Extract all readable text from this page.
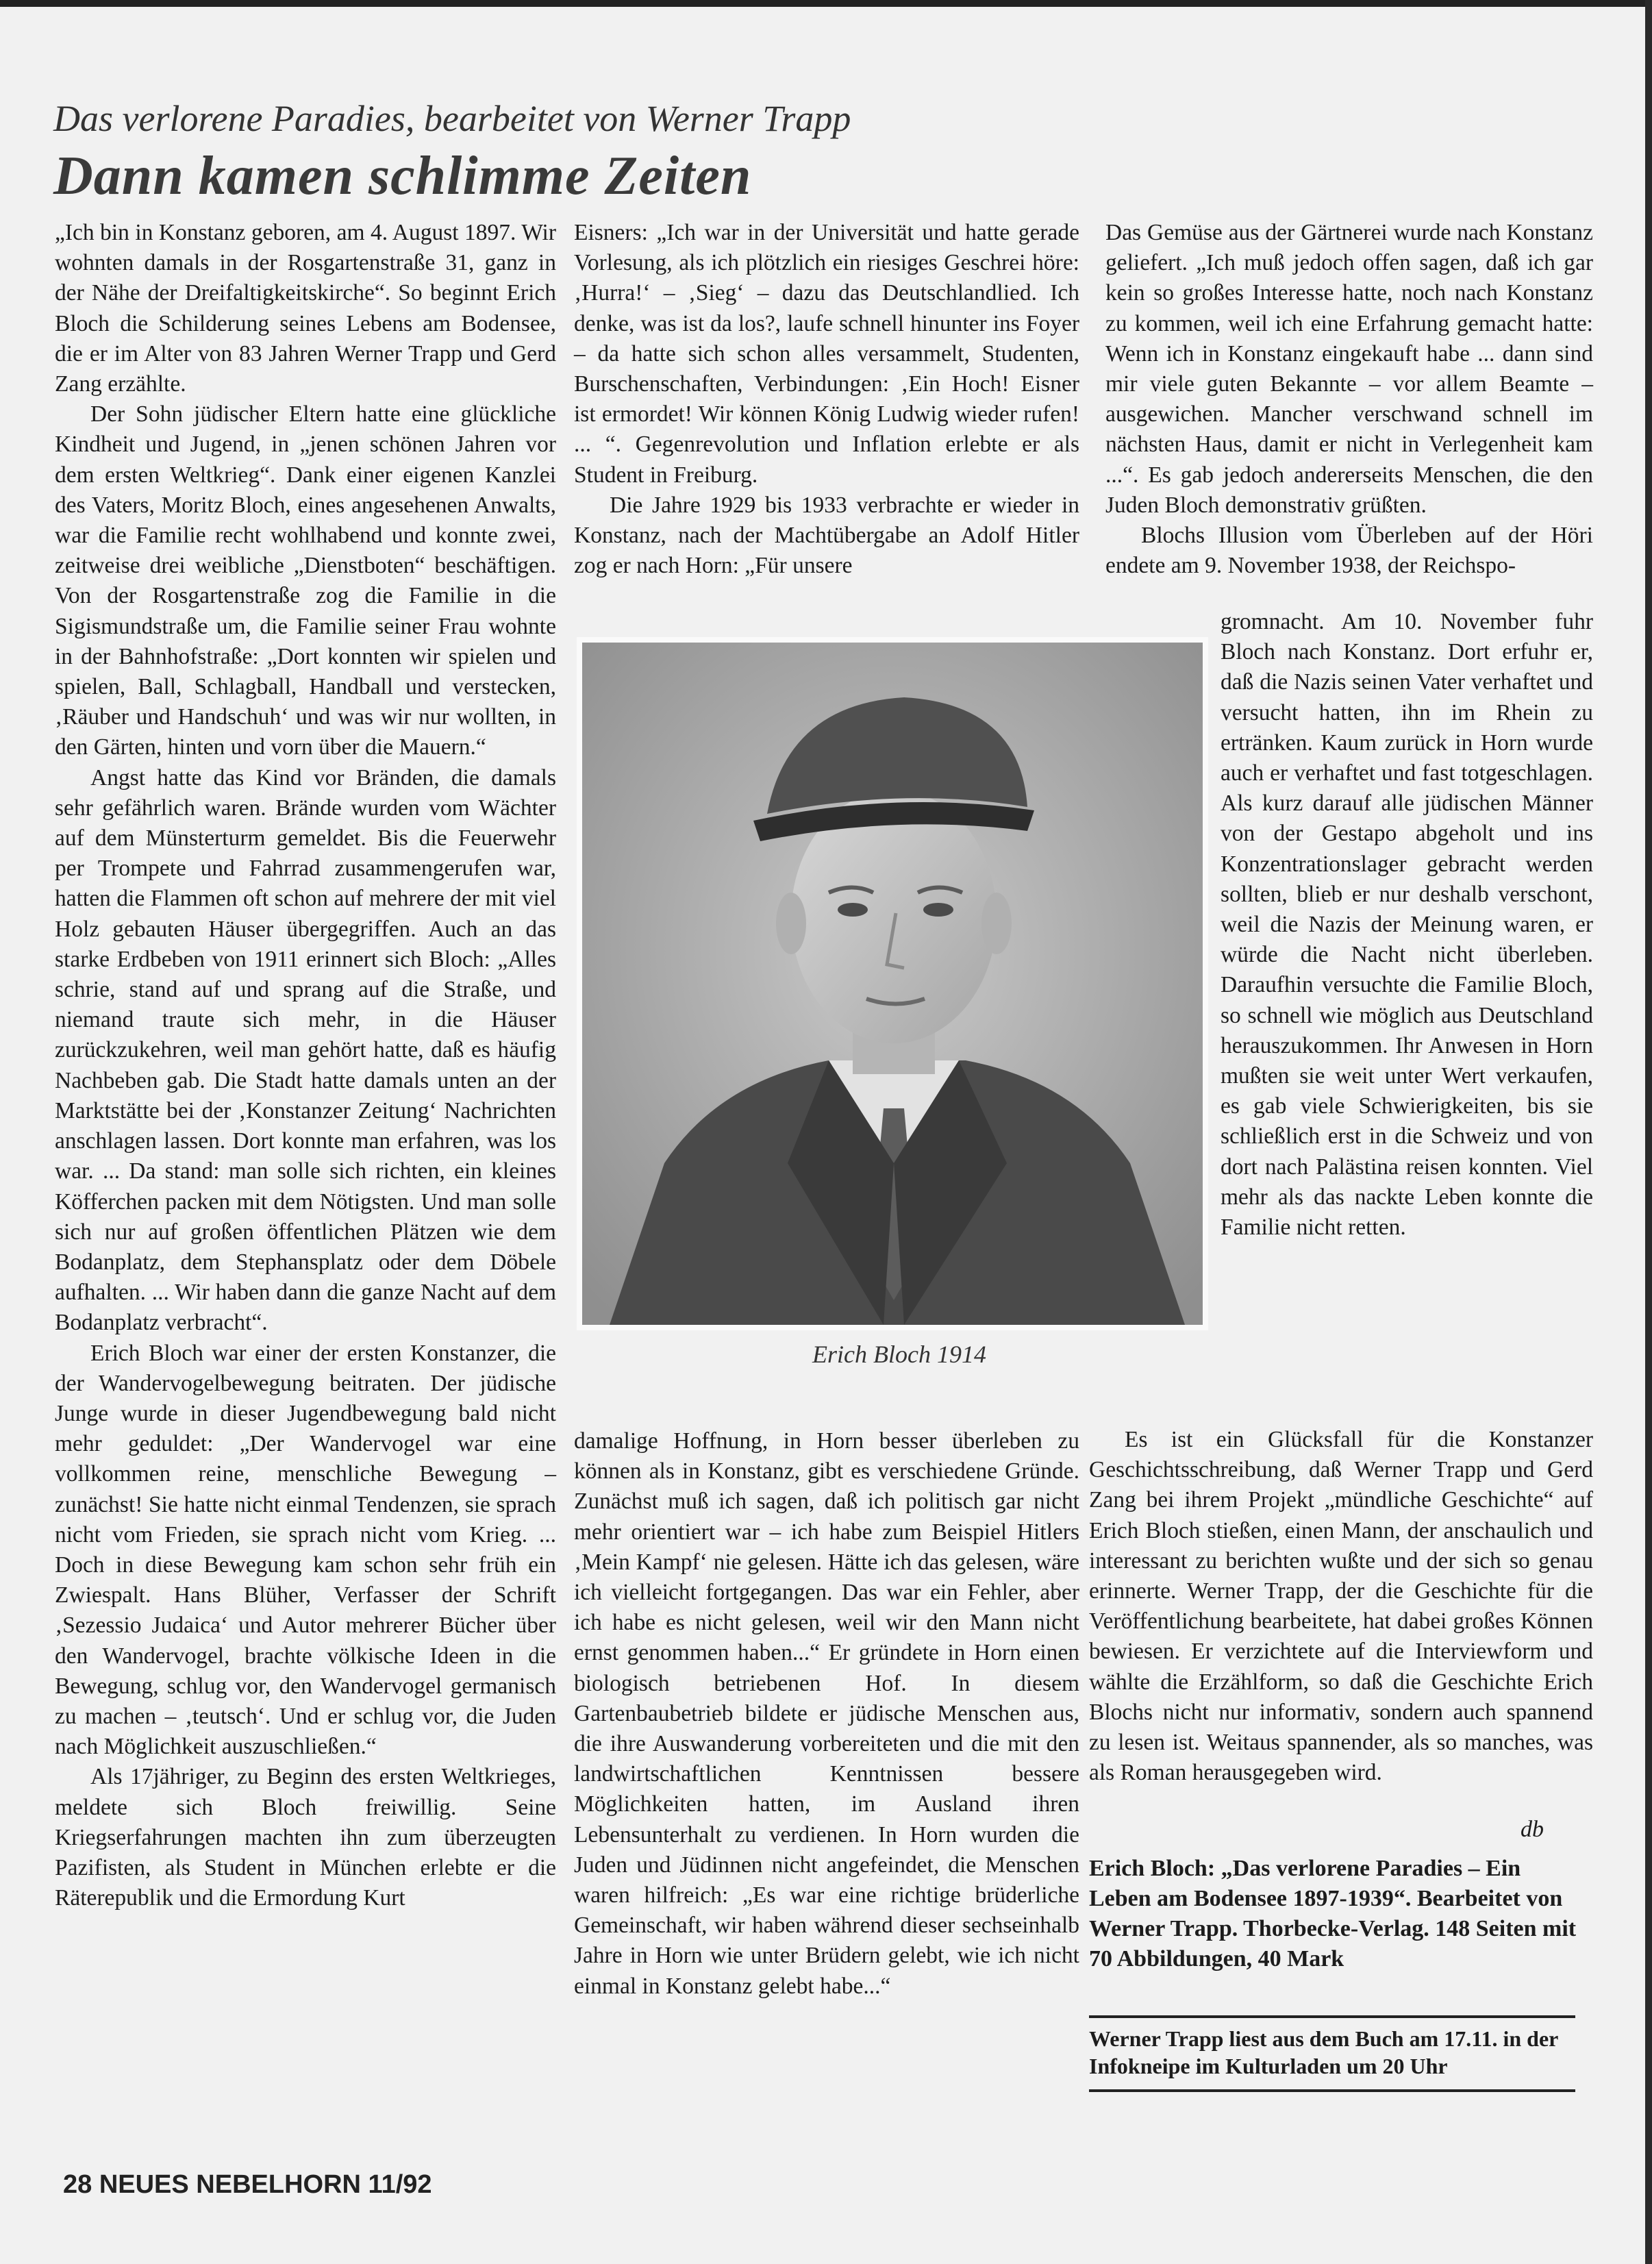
Das verlorene Paradies, bearbeitet von Werner Trapp
Dann kamen schlimme Zeiten

„Ich bin in Konstanz geboren, am 4. August 1897. Wir wohnten damals in der Rosgartenstraße 31, ganz in der Nähe der Dreifaltigkeitskirche“. So beginnt Erich Bloch die Schilderung seines Lebens am Bodensee, die er im Alter von 83 Jahren Werner Trapp und Gerd Zang erzählte.

Der Sohn jüdischer Eltern hatte eine glückliche Kindheit und Jugend, in „jenen schönen Jahren vor dem ersten Weltkrieg“. Dank einer eigenen Kanzlei des Vaters, Moritz Bloch, eines angesehenen Anwalts, war die Familie recht wohlhabend und konnte zwei, zeitweise drei weibliche „Dienstboten“ beschäftigen. Von der Rosgartenstraße zog die Familie in die Sigismundstraße um, die Familie seiner Frau wohnte in der Bahnhofstraße: „Dort konnten wir spielen und spielen, Ball, Schlagball, Handball und verstecken, ‚Räuber und Handschuh‘ und was wir nur wollten, in den Gärten, hinten und vorn über die Mauern.“

Angst hatte das Kind vor Bränden, die damals sehr gefährlich waren. Brände wurden vom Wächter auf dem Münsterturm gemeldet. Bis die Feuerwehr per Trompete und Fahrrad zusammengerufen war, hatten die Flammen oft schon auf mehrere der mit viel Holz gebauten Häuser übergegriffen. Auch an das starke Erdbeben von 1911 erinnert sich Bloch: „Alles schrie, stand auf und sprang auf die Straße, und niemand traute sich mehr, in die Häuser zurückzukehren, weil man gehört hatte, daß es häufig Nachbeben gab. Die Stadt hatte damals unten an der Marktstätte bei der ‚Konstanzer Zeitung‘ Nachrichten anschlagen lassen. Dort konnte man erfahren, was los war. ... Da stand: man solle sich richten, ein kleines Köfferchen packen mit dem Nötigsten. Und man solle sich nur auf großen öffentlichen Plätzen wie dem Bodanplatz, dem Stephansplatz oder dem Döbele aufhalten. ... Wir haben dann die ganze Nacht auf dem Bodanplatz verbracht“.

Erich Bloch war einer der ersten Konstanzer, die der Wandervogelbewegung beitraten. Der jüdische Junge wurde in dieser Jugendbewegung bald nicht mehr geduldet: „Der Wandervogel war eine vollkommen reine, menschliche Bewegung – zunächst! Sie hatte nicht einmal Tendenzen, sie sprach nicht vom Frieden, sie sprach nicht vom Krieg. ... Doch in diese Bewegung kam schon sehr früh ein Zwiespalt. Hans Blüher, Verfasser der Schrift ‚Sezessio Judaica‘ und Autor mehrerer Bücher über den Wandervogel, brachte völkische Ideen in die Bewegung, schlug vor, den Wandervogel germanisch zu machen – ‚teutsch‘. Und er schlug vor, die Juden nach Möglichkeit auszuschließen.“

Als 17jähriger, zu Beginn des ersten Weltkrieges, meldete sich Bloch freiwillig. Seine Kriegserfahrungen machten ihn zum überzeugten Pazifisten, als Student in München erlebte er die Räterepublik und die Ermordung Kurt

Eisners: „Ich war in der Universität und hatte gerade Vorlesung, als ich plötzlich ein riesiges Geschrei höre: ‚Hurra!‘ – ‚Sieg‘ – dazu das Deutschlandlied. Ich denke, was ist da los?, laufe schnell hinunter ins Foyer – da hatte sich schon alles versammelt, Studenten, Burschenschaften, Verbindungen: ‚Ein Hoch! Eisner ist ermordet! Wir können König Ludwig wieder rufen! ... “. Gegenrevolution und Inflation erlebte er als Student in Freiburg.

Die Jahre 1929 bis 1933 verbrachte er wieder in Konstanz, nach der Machtübergabe an Adolf Hitler zog er nach Horn: „Für unsere

Erich Bloch 1914

damalige Hoffnung, in Horn besser überleben zu können als in Konstanz, gibt es verschiedene Gründe. Zunächst muß ich sagen, daß ich politisch gar nicht mehr orientiert war – ich habe zum Beispiel Hitlers ‚Mein Kampf‘ nie gelesen. Hätte ich das gelesen, wäre ich vielleicht fortgegangen. Das war ein Fehler, aber ich habe es nicht gelesen, weil wir den Mann nicht ernst genommen haben...“ Er gründete in Horn einen biologisch betriebenen Hof. In diesem Gartenbaubetrieb bildete er jüdische Menschen aus, die ihre Auswanderung vorbereiteten und die mit den landwirtschaftlichen Kenntnissen bessere Möglichkeiten hatten, im Ausland ihren Lebensunterhalt zu verdienen. In Horn wurden die Juden und Jüdinnen nicht angefeindet, die Menschen waren hilfreich: „Es war eine richtige brüderliche Gemeinschaft, wir haben während dieser sechseinhalb Jahre in Horn wie unter Brüdern gelebt, wie ich nicht einmal in Konstanz gelebt habe...“

Das Gemüse aus der Gärtnerei wurde nach Konstanz geliefert. „Ich muß jedoch offen sagen, daß ich gar kein so großes Interesse hatte, noch nach Konstanz zu kommen, weil ich eine Erfahrung gemacht hatte: Wenn ich in Konstanz eingekauft habe ... dann sind mir viele guten Bekannte – vor allem Beamte – ausgewichen. Mancher verschwand schnell im nächsten Haus, damit er nicht in Verlegenheit kam ...“. Es gab jedoch andererseits Menschen, die den Juden Bloch demonstrativ grüßten.

Blochs Illusion vom Überleben auf der Höri endete am 9. November 1938, der Reichspo-

gromnacht. Am 10. November fuhr Bloch nach Konstanz. Dort erfuhr er, daß die Nazis seinen Vater verhaftet und versucht hatten, ihn im Rhein zu ertränken. Kaum zurück in Horn wurde auch er verhaftet und fast totgeschlagen. Als kurz darauf alle jüdischen Männer von der Gestapo abgeholt und ins Konzentrationslager gebracht werden sollten, blieb er nur deshalb verschont, weil die Nazis der Meinung waren, er würde die Nacht nicht überleben. Daraufhin versuchte die Familie Bloch, so schnell wie möglich aus Deutschland herauszukommen. Ihr Anwesen in Horn mußten sie weit unter Wert verkaufen, es gab viele Schwierigkeiten, bis sie schließlich erst in die Schweiz und von dort nach Palästina reisen konnten. Viel mehr als das nackte Leben konnte die Familie nicht retten.

Es ist ein Glücksfall für die Konstanzer Geschichtsschreibung, daß Werner Trapp und Gerd Zang bei ihrem Projekt „mündliche Geschichte“ auf Erich Bloch stießen, einen Mann, der anschaulich und interessant zu berichten wußte und der sich so genau erinnerte. Werner Trapp, der die Geschichte für die Veröffentlichung bearbeitete, hat dabei großes Können bewiesen. Er verzichtete auf die Interviewform und wählte die Erzählform, so daß die Geschichte Erich Blochs nicht nur informativ, sondern auch spannend zu lesen ist. Weitaus spannender, als so manches, was als Roman herausgegeben wird.

db
Erich Bloch: „Das verlorene Paradies – Ein Leben am Bodensee 1897-1939“. Bearbeitet von Werner Trapp. Thorbecke-Verlag. 148 Seiten mit 70 Abbildungen, 40 Mark
Werner Trapp liest aus dem Buch am 17.11. in der Infokneipe im Kulturladen um 20 Uhr
28 NEUES NEBELHORN 11/92
